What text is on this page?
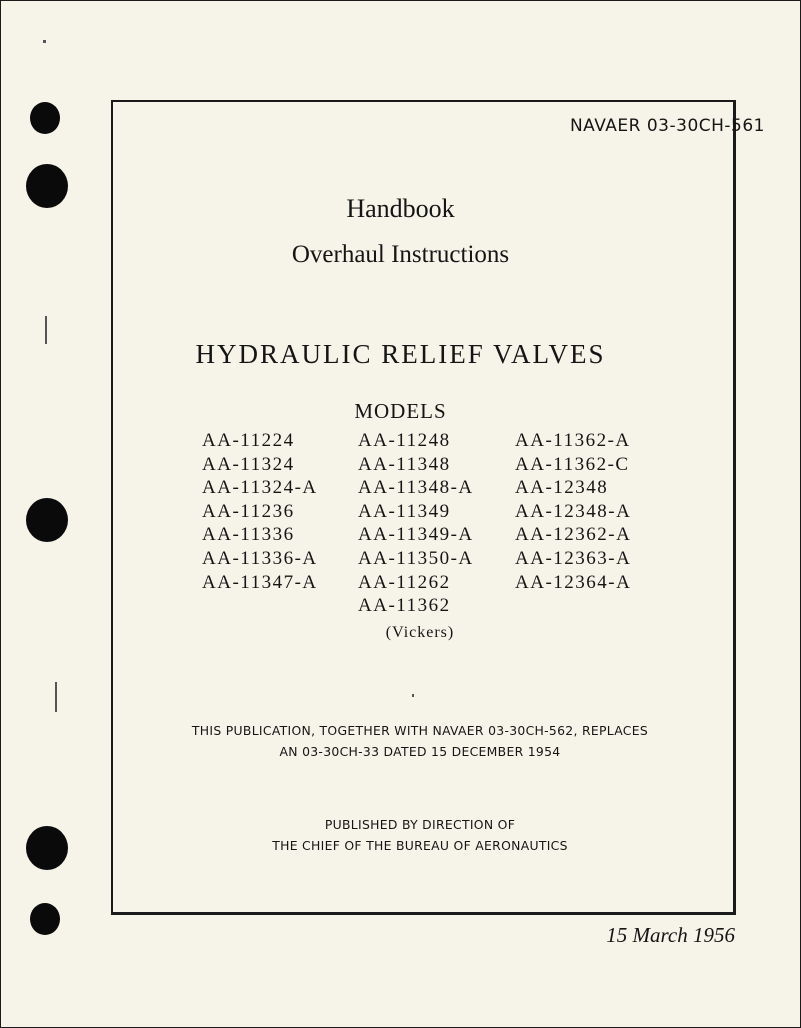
NAVAER 03-30CH-561
Handbook
Overhaul Instructions
HYDRAULIC RELIEF VALVES
MODELS
AA-11224
AA-11324
AA-11324-A
AA-11236
AA-11336
AA-11336-A
AA-11347-A
AA-11248
AA-11348
AA-11348-A
AA-11349
AA-11349-A
AA-11350-A
AA-11262
AA-11362
AA-11362-A
AA-11362-C
AA-12348
AA-12348-A
AA-12362-A
AA-12363-A
AA-12364-A
(Vickers)
THIS PUBLICATION, TOGETHER WITH NAVAER 03-30CH-562, REPLACES
AN 03-30CH-33 DATED 15 DECEMBER 1954
PUBLISHED BY DIRECTION OF
THE CHIEF OF THE BUREAU OF AERONAUTICS
15 March 1956
